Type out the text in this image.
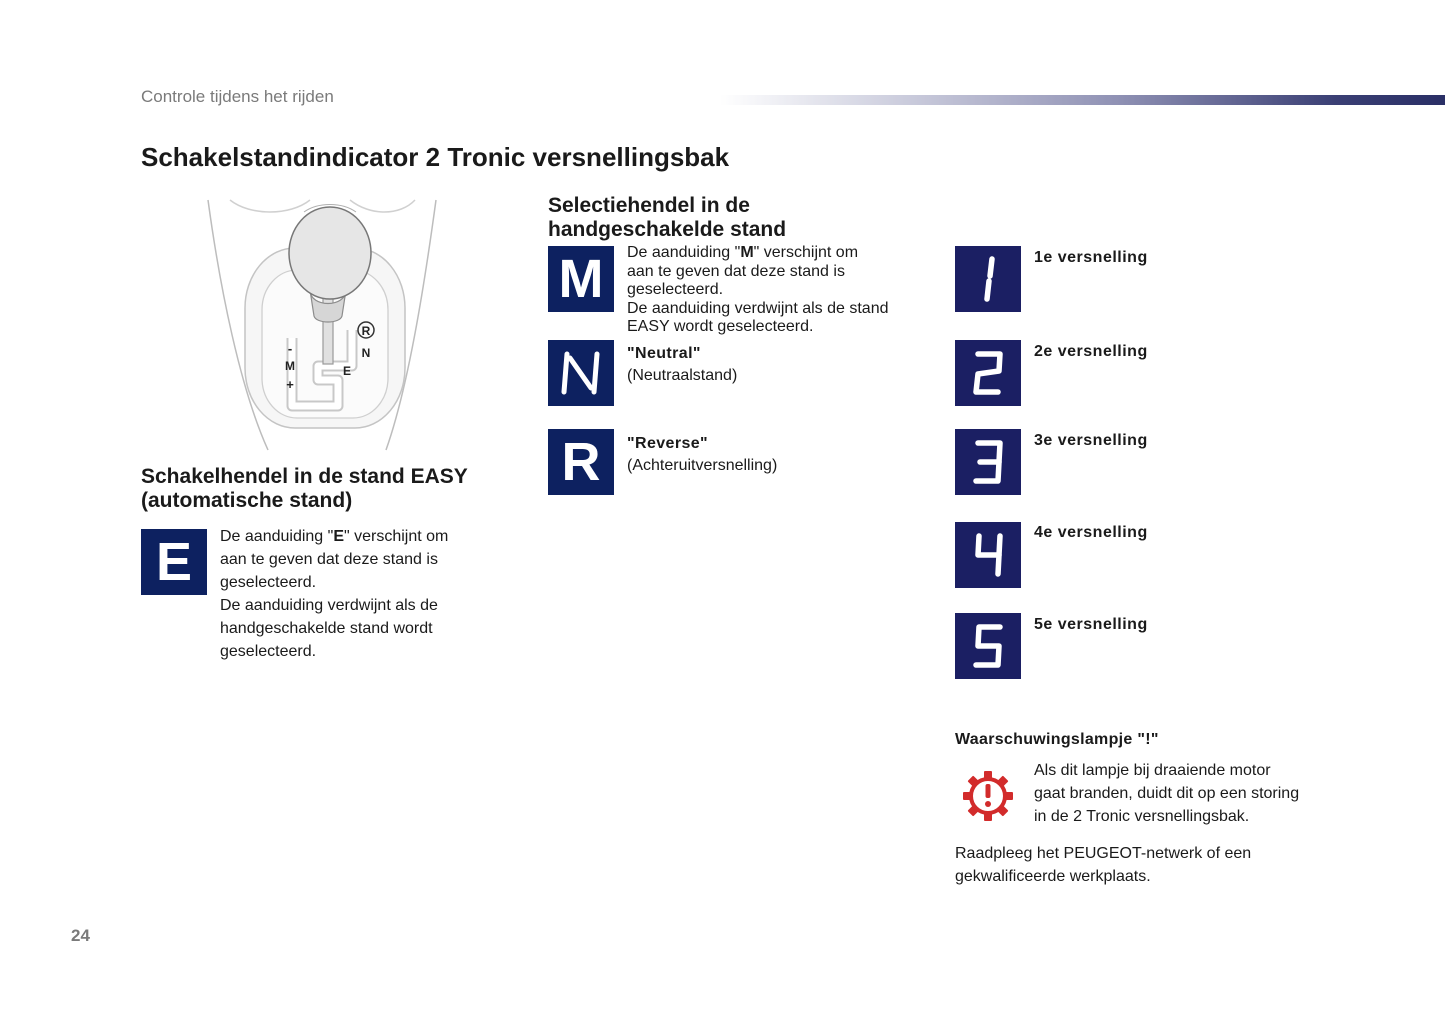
Controle tijdens het rijden
Schakelstandindicator 2 Tronic versnellingsbak
R
N
M	E
-
+
Schakelhendel in de stand EASY
(automatische stand)
E De aanduiding "E" verschijnt om
aan te geven dat deze stand is
geselecteerd.
De aanduiding verdwijnt als de
handgeschakelde stand wordt
geselecteerd.
Selectiehendel in de
handgeschakelde stand
M De aanduiding "M" verschijnt om
aan te geven dat deze stand is
geselecteerd.
De aanduiding verdwijnt als de stand
EASY wordt geselecteerd.
"Neutral"
(Neutraalstand)
R "Reverse"
(Achteruitversnelling)
1e versnelling
2e versnelling
3e versnelling
4e versnelling
5e versnelling
Waarschuwingslampje "!"
Als dit lampje bij draaiende motor
gaat branden, duidt dit op een storing
in de 2 Tronic versnellingsbak.
Raadpleeg het PEUGEOT-netwerk of een
gekwalificeerde werkplaats.
24
